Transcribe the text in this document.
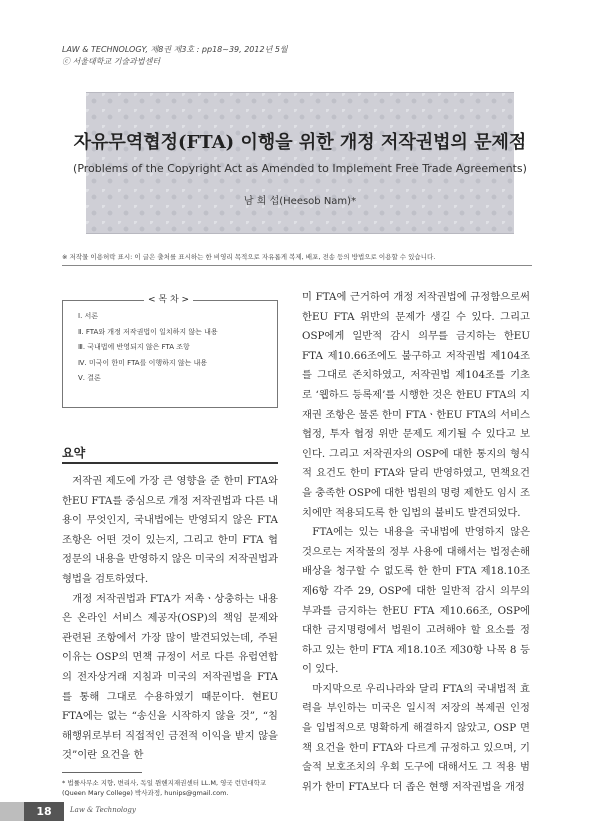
LAW & TECHNOLOGY, 제8권 제3호 : pp18~39, 2012년 5월
ⓒ 서울대학교 기술과법센터
자유무역협정(FTA) 이행을 위한 개정 저작권법의 문제점
(Problems of the Copyright Act as Amended to Implement Free Trade Agreements)
남 희 섭(Heesob Nam)*
※ 저작물 이용허락 표시: 이 글은 출처를 표시하는 한 비영리 목적으로 자유롭게 복제, 배포, 전송 등의 방법으로 이용할 수 있습니다.
< 목 차 >
Ⅰ. 서론
Ⅱ. FTA와 개정 저작권법이 일치하지 않는 내용
Ⅲ. 국내법에 반영되지 않은 FTA 조항
Ⅳ. 미국이 한미 FTA를 이행하지 않는 내용
Ⅴ. 결론
요약

저작권 제도에 가장 큰 영향을 준 한미 FTA와 한EU FTA를 중심으로 개정 저작권법과 다른 내용이 무엇인지, 국내법에는 반영되지 않은 FTA 조항은 어떤 것이 있는지, 그리고 한미 FTA 협정문의 내용을 반영하지 않은 미국의 저작권법과 형법을 검토하였다.

개정 저작권법과 FTA가 저촉ㆍ상충하는 내용은 온라인 서비스 제공자(OSP)의 책임 문제와 관련된 조항에서 가장 많이 발견되었는데, 주된 이유는 OSP의 면책 규정이 서로 다른 유럽연합의 전자상거래 지침과 미국의 저작권법을 FTA를 통해 그대로 수용하였기 때문이다. 현EU FTA에는 없는 “송신을 시작하지 않을 것”, “침해행위로부터 직접적인 금전적 이익을 받지 않을 것”이란 요건을 한

미 FTA에 근거하여 개정 저작권법에 규정함으로써 한EU FTA 위반의 문제가 생길 수 있다. 그리고 OSP에게 일반적 감시 의무를 금지하는 한EU FTA 제10.66조에도 불구하고 저작권법 제104조를 그대로 존치하였고, 저작권법 제104조를 기초로 ‘웹하드 등록제’를 시행한 것은 한EU FTA의 지재권 조항은 물론 한미 FTAㆍ한EU FTA의 서비스 협정, 투자 협정 위반 문제도 제기될 수 있다고 보인다. 그리고 저작권자의 OSP에 대한 통지의 형식적 요건도 한미 FTA와 달리 반영하였고, 면책요건을 충족한 OSP에 대한 법원의 명령 제한도 임시 조치에만 적용되도록 한 입법의 불비도 발견되었다.

FTA에는 있는 내용을 국내법에 반영하지 않은 것으로는 저작물의 정부 사용에 대해서는 법정손해배상을 청구할 수 없도록 한 한미 FTA 제18.10조 제6항 각주 29, OSP에 대한 일반적 감시 의무의 부과를 금지하는 한EU FTA 제10.66조, OSP에 대한 금지명령에서 법원이 고려해야 할 요소를 정하고 있는 한미 FTA 제18.10조 제30항 나목 8 등이 있다.

마지막으로 우리나라와 달리 FTA의 국내법적 효력을 부인하는 미국은 일시적 저장의 복제권 인정을 입법적으로 명확하게 해결하지 않았고, OSP 면책 요건을 한미 FTA와 다르게 규정하고 있으며, 기술적 보호조치의 우회 도구에 대해서도 그 적용 범위가 한미 FTA보다 더 좁은 현행 저작권법을 개정

* 법률사무소 지향, 변리사, 독일 뮌헨지재권센터 LL.M, 영국 런던대학교(Queen Mary College) 박사과정, hunips@gmail.com.
18	Law & Technology
